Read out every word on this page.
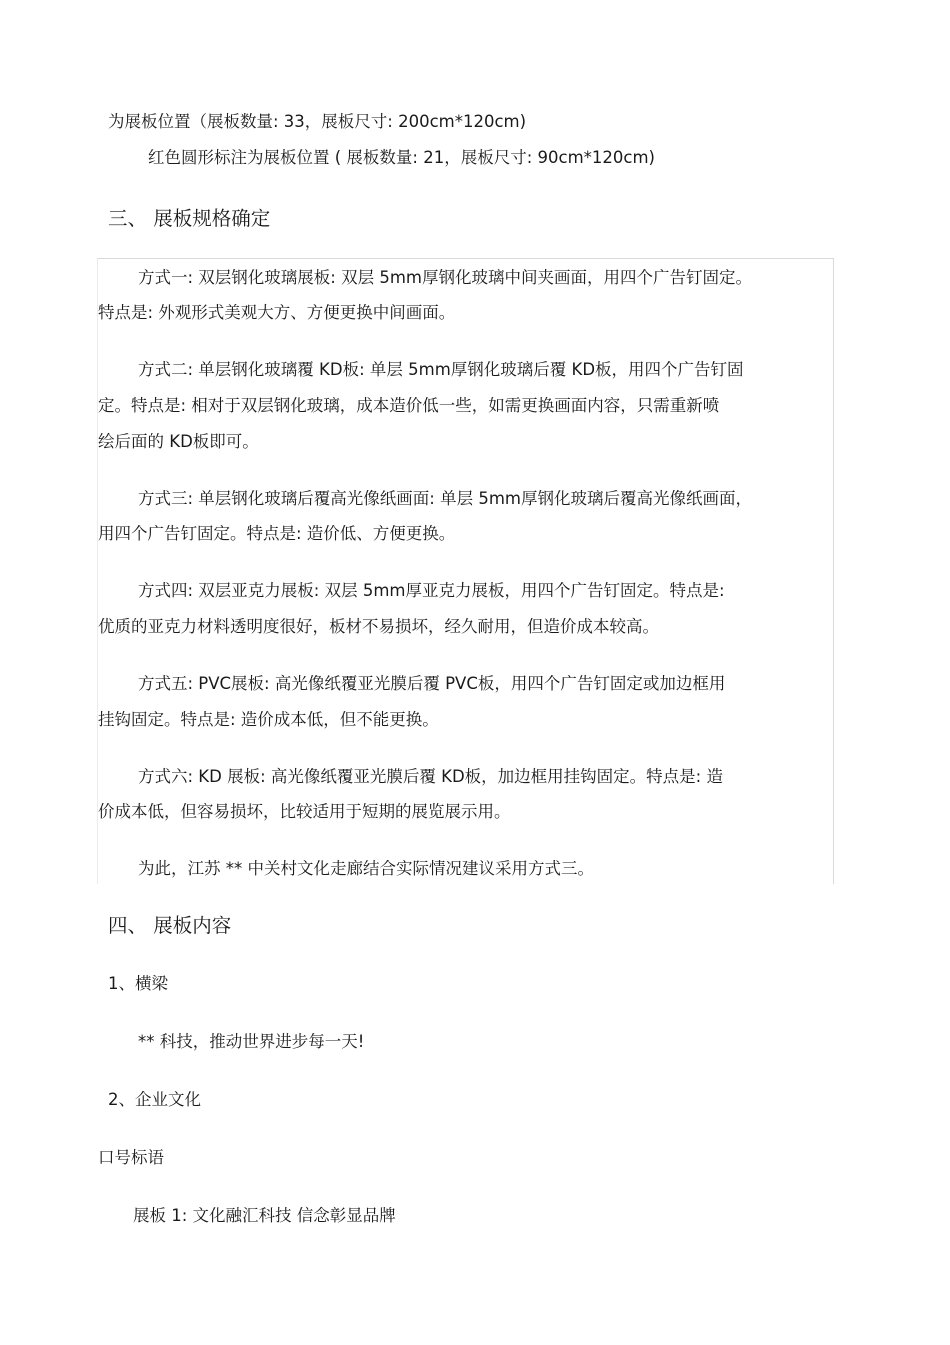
为展板位置（展板数量: 33，展板尺寸: 200cm*120cm)
红色圆形标注为展板位置 ( 展板数量: 21，展板尺寸: 90cm*120cm)
三、 展板规格确定
方式一: 双层钢化玻璃展板: 双层 5mm厚钢化玻璃中间夹画面，用四个广告钉固定。
特点是: 外观形式美观大方、方便更换中间画面。
方式二: 单层钢化玻璃覆 KD板: 单层 5mm厚钢化玻璃后覆 KD板，用四个广告钉固
定。特点是: 相对于双层钢化玻璃，成本造价低一些，如需更换画面内容，只需重新喷
绘后面的 KD板即可。
方式三: 单层钢化玻璃后覆高光像纸画面: 单层 5mm厚钢化玻璃后覆高光像纸画面，
用四个广告钉固定。特点是: 造价低、方便更换。
方式四: 双层亚克力展板: 双层 5mm厚亚克力展板，用四个广告钉固定。特点是:
优质的亚克力材料透明度很好，板材不易损坏，经久耐用，但造价成本较高。
方式五: PVC展板: 高光像纸覆亚光膜后覆 PVC板，用四个广告钉固定或加边框用
挂钩固定。特点是: 造价成本低，但不能更换。
方式六: KD 展板: 高光像纸覆亚光膜后覆 KD板，加边框用挂钩固定。特点是: 造
价成本低，但容易损坏，比较适用于短期的展览展示用。
为此，江苏 ** 中关村文化走廊结合实际情况建议采用方式三。
四、 展板内容
1、横梁
** 科技，推动世界进步每一天!
2、企业文化
口号标语
展板 1: 文化融汇科技 信念彰显品牌
